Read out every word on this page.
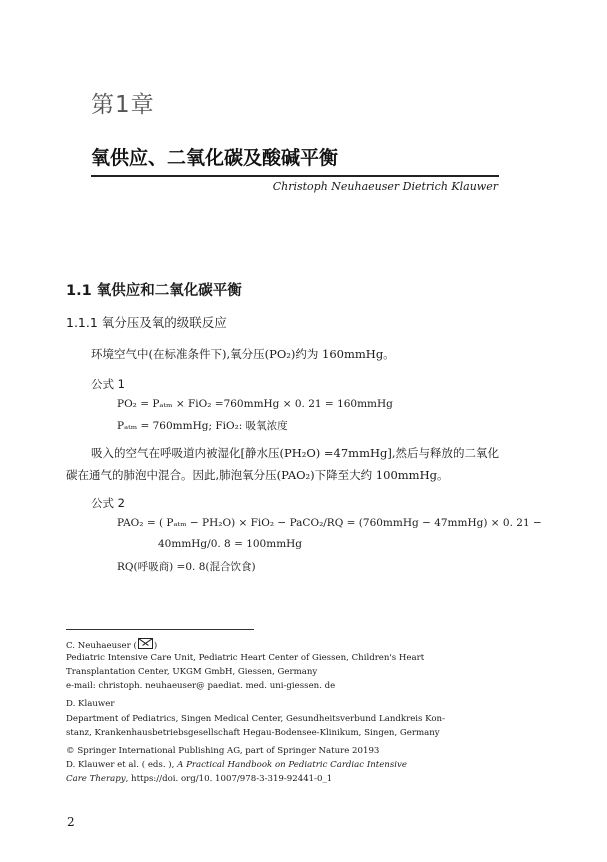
第1章
氧供应、二氧化碳及酸碱平衡
Christoph Neuhaeuser Dietrich Klauwer
1.1 氧供应和二氧化碳平衡
1.1.1 氧分压及氧的级联反应
环境空气中(在标准条件下),氧分压(PO₂)约为 160mmHg。
公式 1
PO₂ = Pₐₜₘ × FiO₂ =760mmHg × 0. 21 = 160mmHg
Pₐₜₘ = 760mmHg; FiO₂: 吸氧浓度
吸入的空气在呼吸道内被湿化[静水压(PH₂O) =47mmHg],然后与释放的二氧化
碳在通气的肺泡中混合。因此,肺泡氧分压(PAO₂)下降至大约 100mmHg。
公式 2
PAO₂ = ( Pₐₜₘ − PH₂O) × FiO₂ − PaCO₂/RQ = (760mmHg − 47mmHg) × 0. 21 −
40mmHg/0. 8 = 100mmHg
RQ(呼吸商) =0. 8(混合饮食)
C. Neuhaeuser ( )
Pediatric Intensive Care Unit, Pediatric Heart Center of Giessen, Children's Heart
Transplantation Center, UKGM GmbH, Giessen, Germany
e-mail: christoph. neuhaeuser@ paediat. med. uni-giessen. de
D. Klauwer
Department of Pediatrics, Singen Medical Center, Gesundheitsverbund Landkreis Kon-
stanz, Krankenhausbetriebsgesellschaft Hegau-Bodensee-Klinikum, Singen, Germany
© Springer International Publishing AG, part of Springer Nature 20193
D. Klauwer et al. ( eds. ), A Practical Handbook on Pediatric Cardiac Intensive
Care Therapy, https://doi. org/10. 1007/978-3-319-92441-0_1
2
